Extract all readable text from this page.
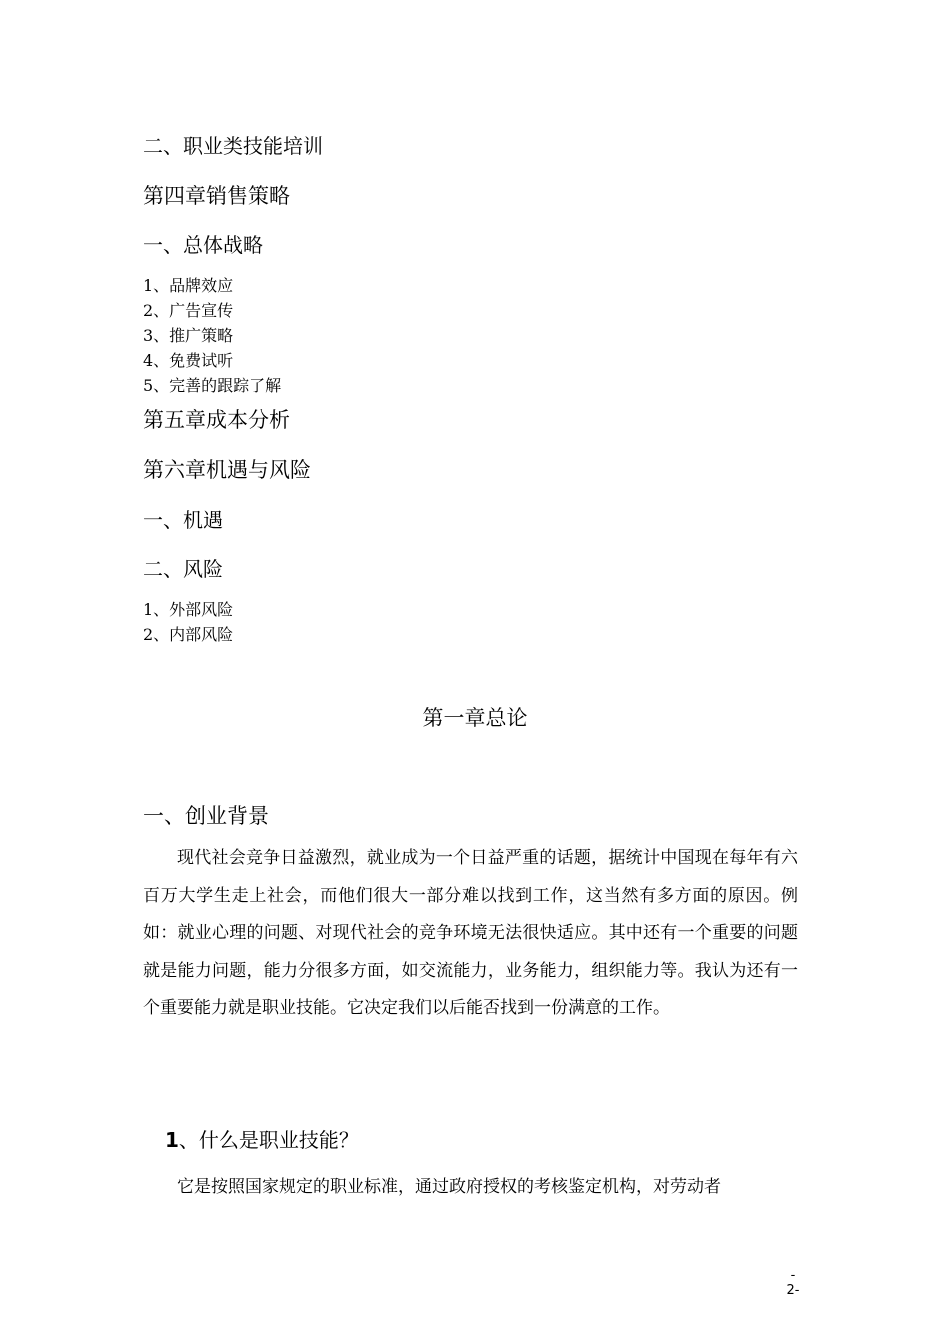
二、职业类技能培训
第四章销售策略
一、总体战略
1、品牌效应
2、广告宣传
3、推广策略
4、免费试听
5、完善的跟踪了解
第五章成本分析
第六章机遇与风险
一、机遇
二、风险
1、外部风险
2、内部风险
第一章总论
一、创业背景

现代社会竞争日益激烈，就业成为一个日益严重的话题，据统计中国现在每年有六百万大学生走上社会，而他们很大一部分难以找到工作，这当然有多方面的原因。例如：就业心理的问题、对现代社会的竞争环境无法很快适应。其中还有一个重要的问题就是能力问题，能力分很多方面，如交流能力，业务能力，组织能力等。我认为还有一个重要能力就是职业技能。它决定我们以后能否找到一份满意的工作。

1、什么是职业技能？

它是按照国家规定的职业标准，通过政府授权的考核鉴定机构，对劳动者

-
2-
